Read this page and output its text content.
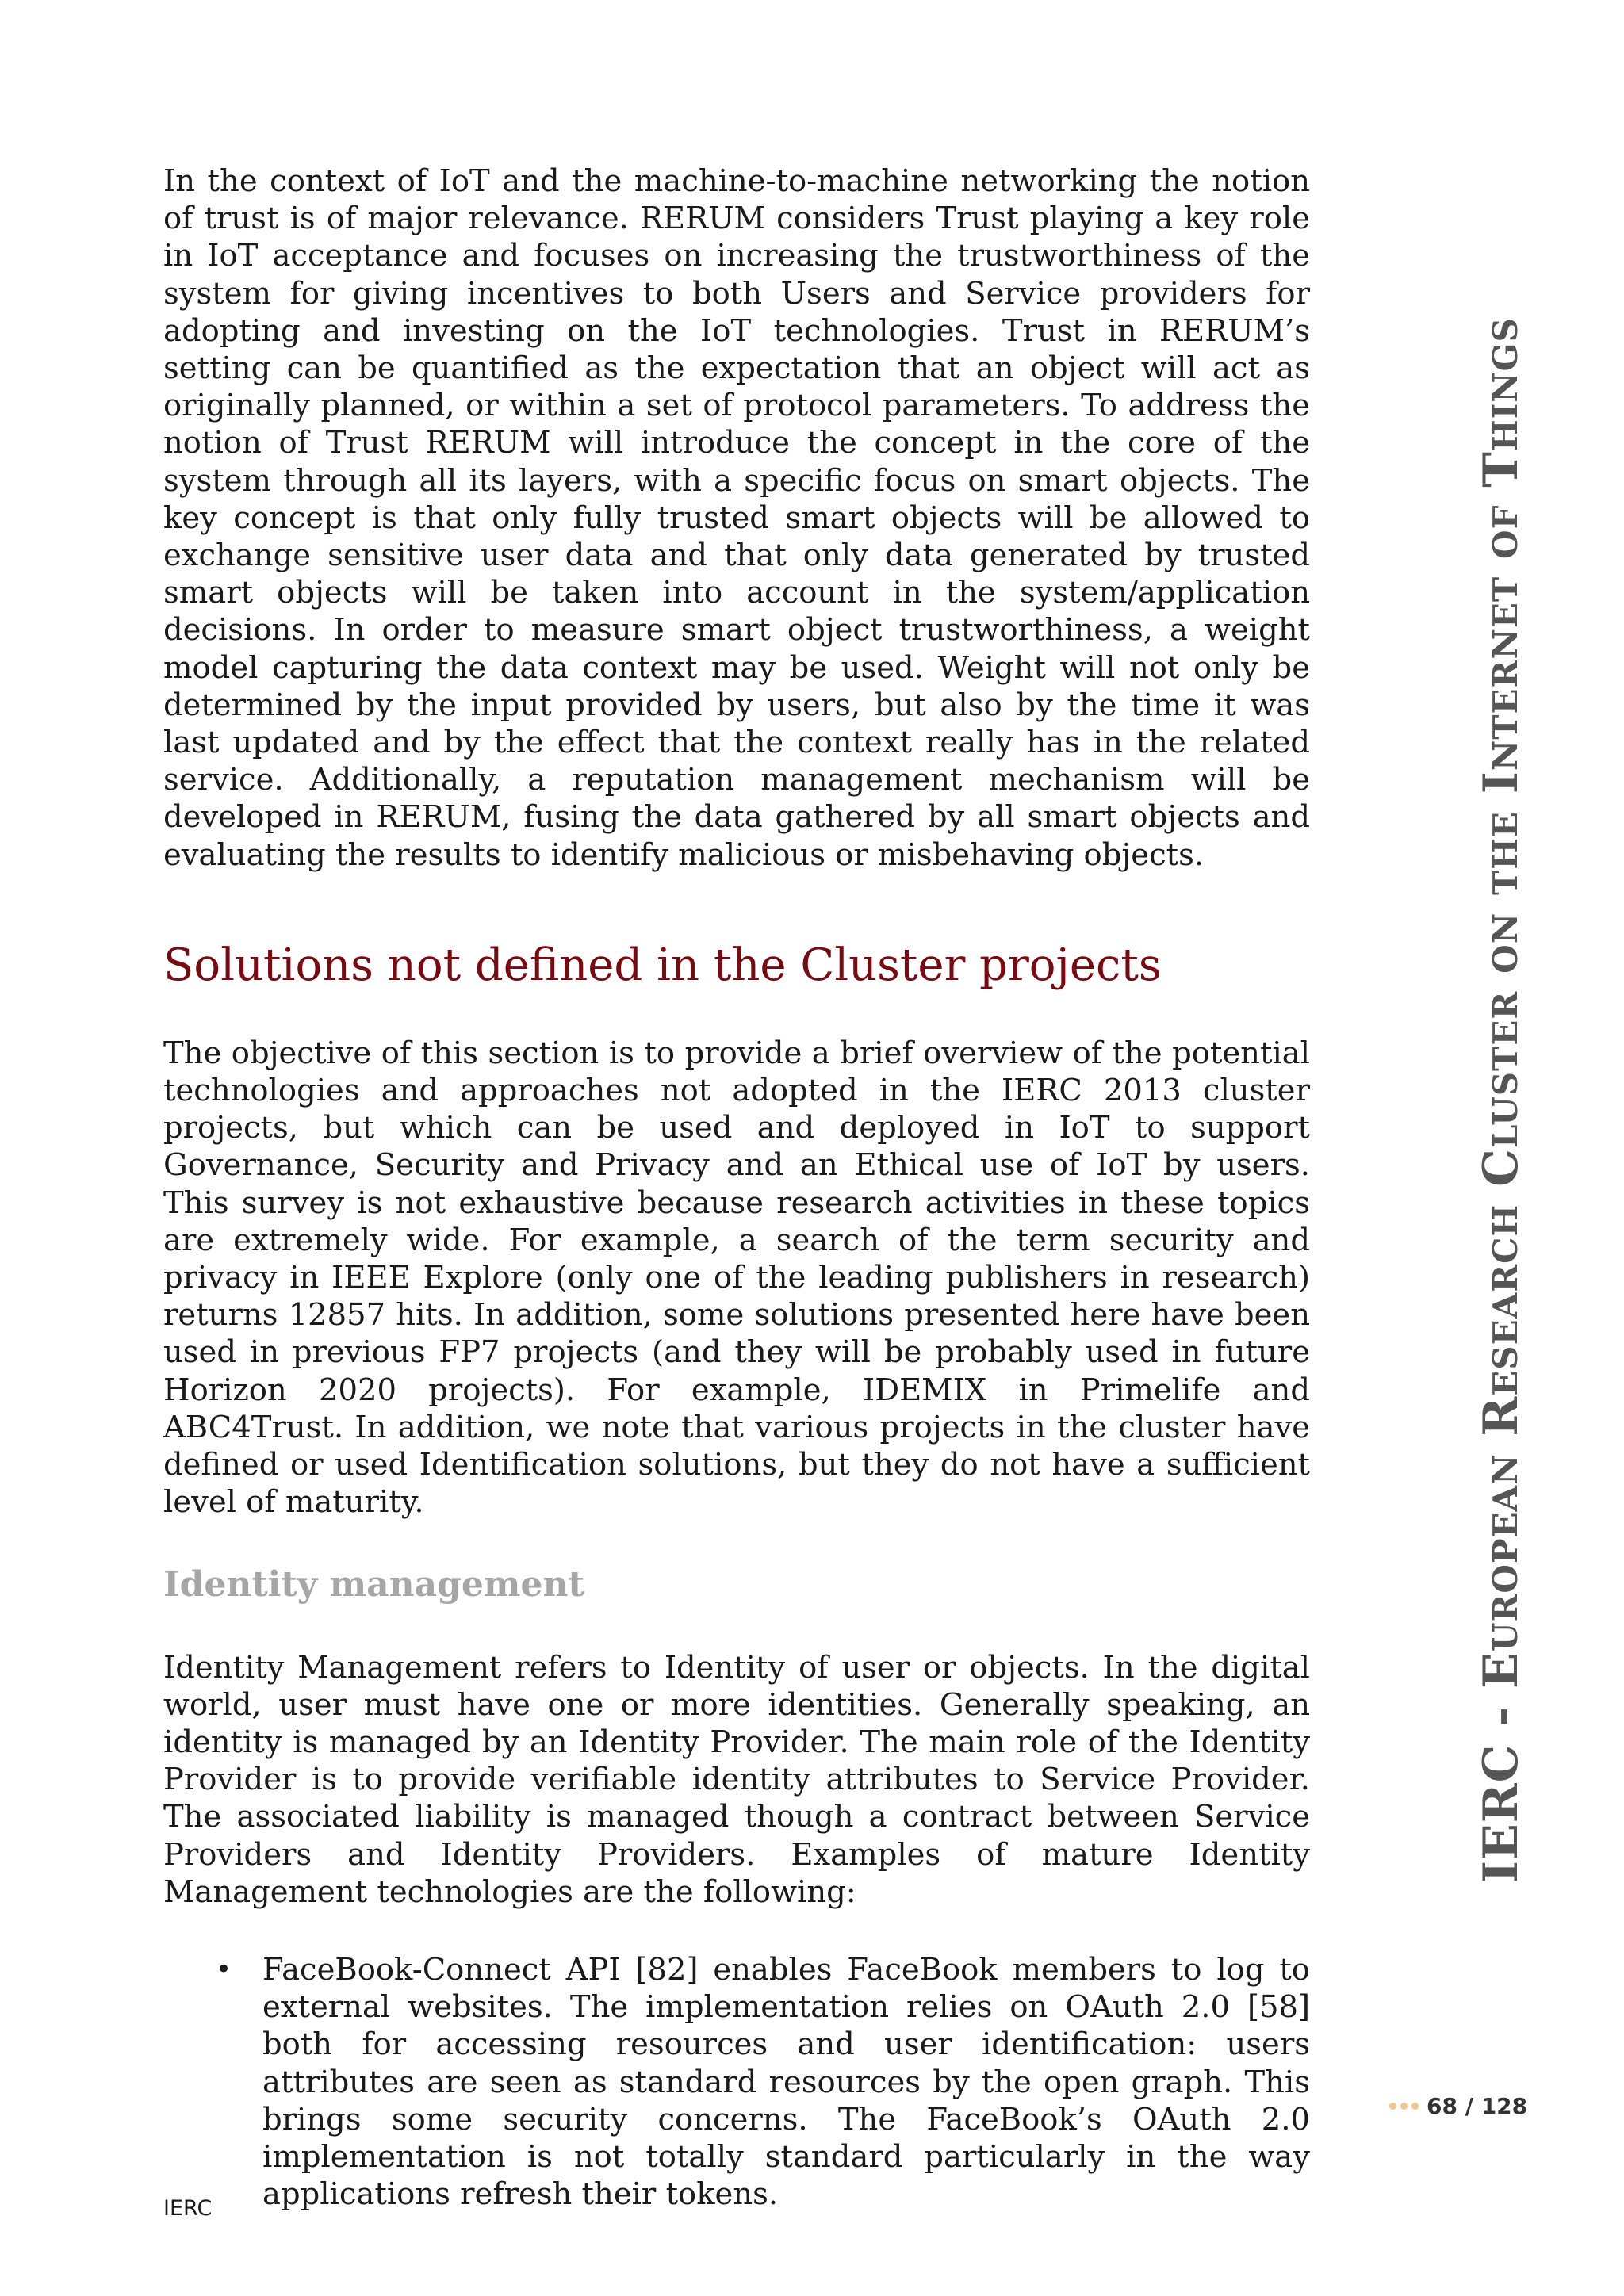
In the context of IoT and the machine-to-machine networking the notion of trust is of major relevance. RERUM considers Trust playing a key role in IoT acceptance and focuses on increasing the trustworthiness of the system for giving incentives to both Users and Service providers for adopting and investing on the IoT technologies. Trust in RERUM’s setting can be quantified as the expectation that an object will act as originally planned, or within a set of protocol parameters. To address the notion of Trust RERUM will introduce the concept in the core of the system through all its layers, with a specific focus on smart objects. The key concept is that only fully trusted smart objects will be allowed to exchange sensitive user data and that only data generated by trusted smart objects will be taken into account in the system/application decisions. In order to measure smart object trustworthiness, a weight model capturing the data context may be used. Weight will not only be determined by the input provided by users, but also by the time it was last updated and by the effect that the context really has in the related service. Additionally, a reputation management mechanism will be developed in RERUM, fusing the data gathered by all smart objects and evaluating the results to identify malicious or misbehaving objects.

Solutions not defined in the Cluster projects

The objective of this section is to provide a brief overview of the potential technologies and approaches not adopted in the IERC 2013 cluster projects, but which can be used and deployed in IoT to support Governance, Security and Privacy and an Ethical use of IoT by users. This survey is not exhaustive because research activities in these topics are extremely wide. For example, a search of the term security and privacy in IEEE Explore (only one of the leading publishers in research) returns 12857 hits. In addition, some solutions presented here have been used in previous FP7 projects (and they will be probably used in future Horizon 2020 projects). For example, IDEMIX in Primelife and ABC4Trust. In addition, we note that various projects in the cluster have defined or used Identification solutions, but they do not have a sufficient level of maturity.

Identity management

Identity Management refers to Identity of user or objects. In the digital world, user must have one or more identities. Generally speaking, an identity is managed by an Identity Provider. The main role of the Identity Provider is to provide verifiable identity attributes to Service Provider. The associated liability is managed though a contract between Service Providers and Identity Providers. Examples of mature Identity Management technologies are the following:

• FaceBook-Connect API [82] enables FaceBook members to log to external websites. The implementation relies on OAuth 2.0 [58] both for accessing resources and user identification: users attributes are seen as standard resources by the open graph. This brings some security concerns. The FaceBook’s OAuth 2.0 implementation is not totally standard particularly in the way applications refresh their tokens.

IERC - European Research Cluster on the Internet of Things
68 / 128
IERC
